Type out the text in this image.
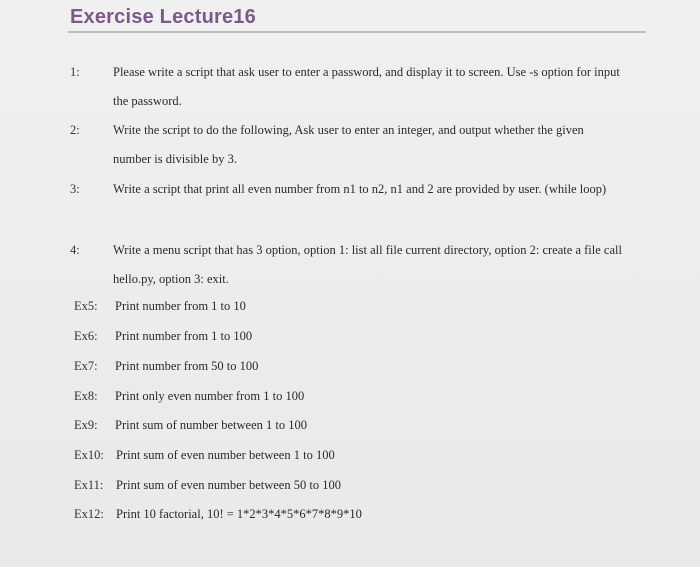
Exercise Lecture16
1:	Please write a script that ask user to enter a password, and display it to screen. Use -s option for input the password.
2:	Write the script to do the following, Ask user to enter an integer, and output whether the given number is divisible by 3.
3:	Write a script that print all even number from n1 to n2, n1 and 2 are provided by user. (while loop)
4:	Write a menu script that has 3 option, option 1: list all file current directory, option 2: create a file call hello.py, option 3: exit.
Ex5: Print number from 1 to 10
Ex6: Print number from 1 to 100
Ex7: Print number from 50 to 100
Ex8: Print only even number from 1 to 100
Ex9: Print sum of number between 1 to 100
Ex10: Print sum of even number between 1 to 100
Ex11: Print sum of even number between 50 to 100
Ex12: Print 10 factorial, 10! = 1*2*3*4*5*6*7*8*9*10
